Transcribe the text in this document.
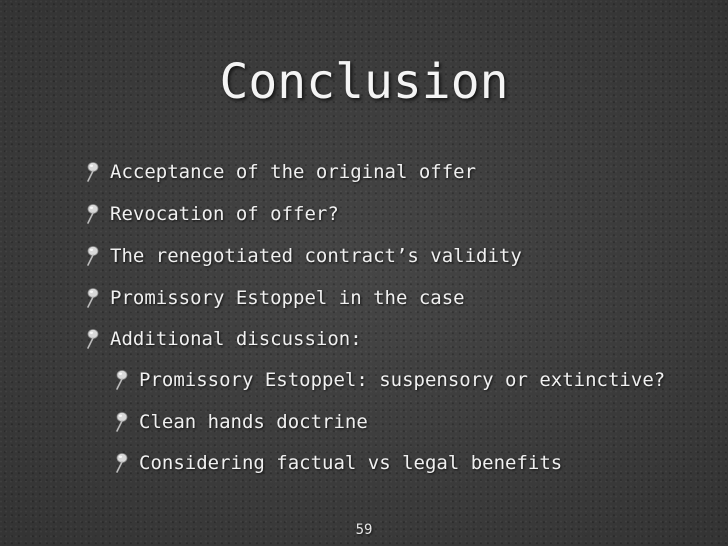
Conclusion
Acceptance of the original offer
Revocation of offer?
The renegotiated contract’s validity
Promissory Estoppel in the case
Additional discussion:
Promissory Estoppel: suspensory or extinctive?
Clean hands doctrine
Considering factual vs legal benefits
59
